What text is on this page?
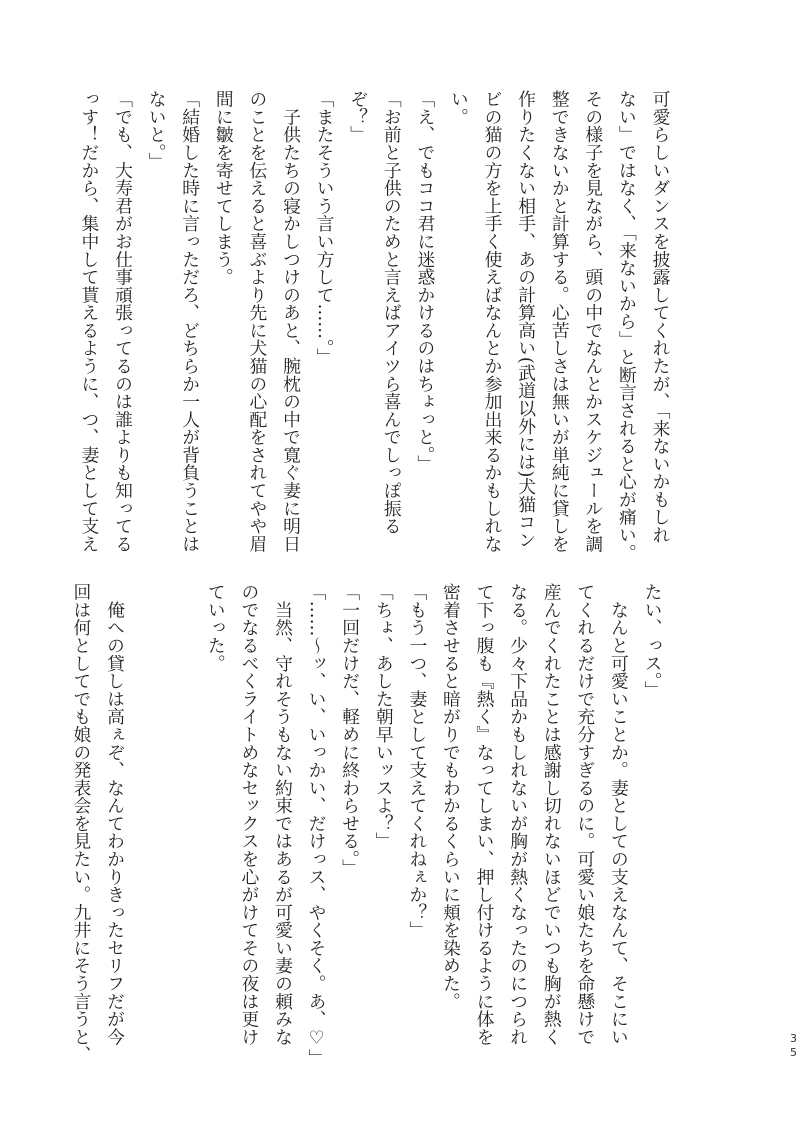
可愛らしいダンスを披露してくれたが、「来ないかもしれ

ない」ではなく、「来ないから」と断言されると心が痛い。

その様子を見ながら、頭の中でなんとかスケジュールを調

整できないかと計算する。心苦しさは無いが単純に貸しを

作りたくない相手、あの計算高い(武道以外には)犬猫コン

ビの猫の方を上手く使えばなんとか参加出来るかもしれな

い。

「え、でもココ君に迷惑かけるのはちょっと。」

「お前と子供のためと言えばアイツら喜んでしっぽ振る

ぞ？」

「またそういう言い方して……。」

　子供たちの寝かしつけのあと、腕枕の中で寛ぐ妻に明日

のことを伝えると喜ぶより先に犬猫の心配をされてやや眉

間に皺を寄せてしまう。

「結婚した時に言っただろ、どちらか一人が背負うことは

ないと。」

「でも、大寿君がお仕事頑張ってるのは誰よりも知ってる

っす！だから、集中して貰えるように、つ、妻として支え

たい、っス。」

　なんと可愛いことか。妻としての支えなんて、そこにい

てくれるだけで充分すぎるのに。可愛い娘たちを命懸けで

産んでくれたことは感謝し切れないほどでいつも胸が熱く

なる。少々下品かもしれないが胸が熱くなったのにつられ

て下っ腹も『熱く』なってしまい、押し付けるように体を

密着させると暗がりでもわかるくらいに頬を染めた。

「もう一つ、妻として支えてくれねぇか？」

「ちょ、あした朝早いッスよ？」

「一回だけだ、軽めに終わらせる。」

「……～ッ、い、いっかい、だけっス、やくそく。あ、♡」

　当然、守れそうもない約束ではあるが可愛い妻の頼みな

のでなるべくライトめなセックスを心がけてその夜は更け

ていった。

　俺への貸しは高ぇぞ、なんてわかりきったセリフだが今

回は何としてでも娘の発表会を見たい。九井にそう言うと、	35
